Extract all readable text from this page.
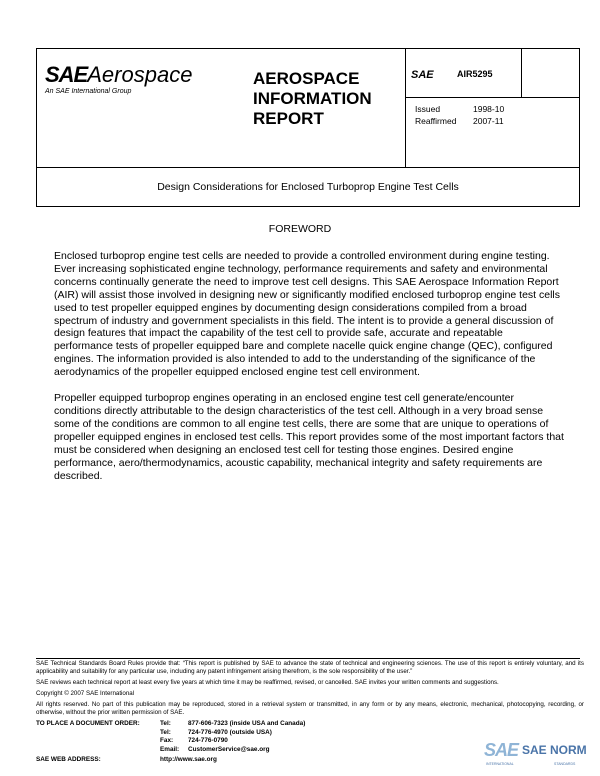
SAEAerospace
An SAE International Group
AEROSPACE
INFORMATION
REPORT
SAE	AIR5295
Issued	1998-10
Reaffirmed	2007-11
Design Considerations for Enclosed Turboprop Engine Test Cells
FOREWORD

Enclosed turboprop engine test cells are needed to provide a controlled environment during engine testing. Ever increasing sophisticated engine technology, performance requirements and safety and environmental concerns continually generate the need to improve test cell designs. This SAE Aerospace Information Report (AIR) will assist those involved in designing new or significantly modified enclosed turboprop engine test cells used to test propeller equipped engines by documenting design considerations compiled from a broad spectrum of industry and government specialists in this field. The intent is to provide a general discussion of design features that impact the capability of the test cell to provide safe, accurate and repeatable performance tests of propeller equipped bare and complete nacelle quick engine change (QEC), configured engines. The information provided is also intended to add to the understanding of the significance of the aerodynamics of the propeller equipped enclosed engine test cell environment.

Propeller equipped turboprop engines operating in an enclosed engine test cell generate/encounter conditions directly attributable to the design characteristics of the test cell. Although in a very broad sense some of the conditions are common to all engine test cells, there are some that are unique to operations of propeller equipped engines in enclosed test cells. This report provides some of the most important factors that must be considered when designing an enclosed test cell for testing those engines. Desired engine performance, aero/thermodynamics, acoustic capability, mechanical integrity and safety requirements are described.

SAE Technical Standards Board Rules provide that: “This report is published by SAE to advance the state of technical and engineering sciences. The use of this report is entirely voluntary, and its applicability and suitability for any particular use, including any patent infringement arising therefrom, is the sole responsibility of the user.”

SAE reviews each technical report at least every five years at which time it may be reaffirmed, revised, or cancelled. SAE invites your written comments and suggestions.

Copyright © 2007 SAE International

All rights reserved. No part of this publication may be reproduced, stored in a retrieval system or transmitted, in any form or by any means, electronic, mechanical, photocopying, recording, or otherwise, without the prior written permission of SAE.

TO PLACE A DOCUMENT ORDER:	Tel:	877-606-7323 (inside USA and Canada)
Tel:	724-776-4970 (outside USA)
Fax:	724-776-0790
Email:	CustomerService@sae.org
SAE WEB ADDRESS:	http://www.sae.org	SAE SAE NORM
INTERNATIONAL	STANDARDS
